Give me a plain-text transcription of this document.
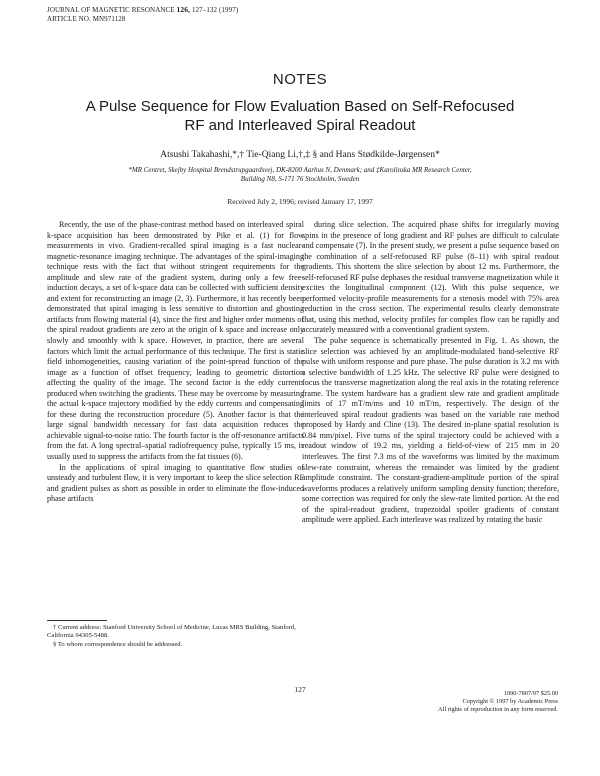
JOURNAL OF MAGNETIC RESONANCE 126, 127–132 (1997)
ARTICLE NO. MN971128
NOTES
A Pulse Sequence for Flow Evaluation Based on Self-Refocused
RF and Interleaved Spiral Readout
Atsushi Takahashi,*,† Tie-Qiang Li,†,‡ § and Hans Stødkilde-Jørgensen*
*MR Centret, Skejby Hospital Brendstrupgaardsvej, DK-8200 Aarhus N, Denmark; and ‡Karolinska MR Research Center,
Building N8, S-171 76 Stockholm, Sweden
Received July 2, 1996; revised January 17, 1997

Recently, the use of the phase-contrast method based on interleaved spiral k-space acquisition has been demonstrated by Pike et al. (1) for flow measurements in vivo. Gradient-recalled spiral imaging is a fast nuclear-magnetic-resonance imaging technique. The advantages of the spiral-imaging technique rests with the fact that without stringent requirements for the amplitude and slew rate of the gradient system, during only a few free-induction decays, a set of k-space data can be collected with sufficient density and extent for reconstructing an image (2, 3). Furthermore, it has recently been demonstrated that spiral imaging is less sensitive to distortion and ghosting artifacts from flowing material (4), since the first and higher order moments of the spiral readout gradients are zero at the origin of k space and increase only slowly and smoothly with k space. However, in practice, there are several factors which limit the actual performance of this technique. The first is static field inhomogeneities, causing variation of the point-spread function of the image as a function of offset frequency, leading to geometric distortion affecting the quality of the image. The second factor is the eddy currents produced when switching the gradients. These may be overcome by measuring the actual k-space trajectory modified by the eddy currents and compensating for these during the reconstruction procedure (5). Another factor is that the large signal bandwidth necessary for fast data acquisition reduces the achievable signal-to-noise ratio. The fourth factor is the off-resonance artifacts from the fat. A long spectral–spatial radiofrequency pulse, typically 15 ms, is usually used to suppress the artifacts from the fat tissues (6).

In the applications of spiral imaging to quantitative flow studies of unsteady and turbulent flow, it is very important to keep the slice selection RF and gradient pulses as short as possible in order to eliminate the flow-induced phase artifacts

during slice selection. The acquired phase shifts for irregularly moving spins in the presence of long gradient and RF pulses are difficult to calculate and compensate (7). In the present study, we present a pulse sequence based on the combination of a self-refocused RF pulse (8–11) with spiral readout gradients. This shortens the slice selection by about 12 ms. Furthermore, the self-refocused RF pulse dephases the residual transverse magnetization while it excites the longitudinal component (12). With this pulse sequence, we performed velocity-profile measurements for a stenosis model with 75% area reduction in the cross section. The experimental results clearly demonstrate that, using this method, velocity profiles for complex flow can be rapidly and accurately measured with a conventional gradient system.

The pulse sequence is schematically presented in Fig. 1. As shown, the slice selection was achieved by an amplitude-modulated band-selective RF pulse with uniform response and pure phase. The pulse duration is 3.2 ms with a selective bandwidth of 1.25 kHz. The selective RF pulse were designed to focus the transverse magnetization along the real axis in the rotating reference frame. The system hardware has a gradient slew rate and gradient amplitude limits of 17 mT/m/ms and 10 mT/m, respectively. The design of the interleaved spiral readout gradients was based on the variable rate method proposed by Hardy and Cline (13). The desired in-plane spatial resolution is 0.84 mm/pixel. Five turns of the spiral trajectory could be achieved with a readout window of 19.2 ms, yielding a field-of-view of 215 mm in 20 interleaves. The first 7.3 ms of the waveforms was limited by the maximum slew-rate constraint, whereas the remainder was limited by the gradient amplitude constraint. The constant-gradient-amplitude portion of the spiral waveforms produces a relatively uniform sampling density function; therefore, some correction was required for only the slew-rate limited portion. At the end of the spiral-readout gradient, trapezoidal spoiler gradients of constant amplitude were applied. Each interleave was realized by rotating the basic

† Current address: Stanford University School of Medicine, Lucas MRS Building, Stanford, California 94305-5488.

§ To whom correspondence should be addressed.

127	1090-7807/97 $25.00
Copyright © 1997 by Academic Press
All rights of reproduction in any form reserved.
